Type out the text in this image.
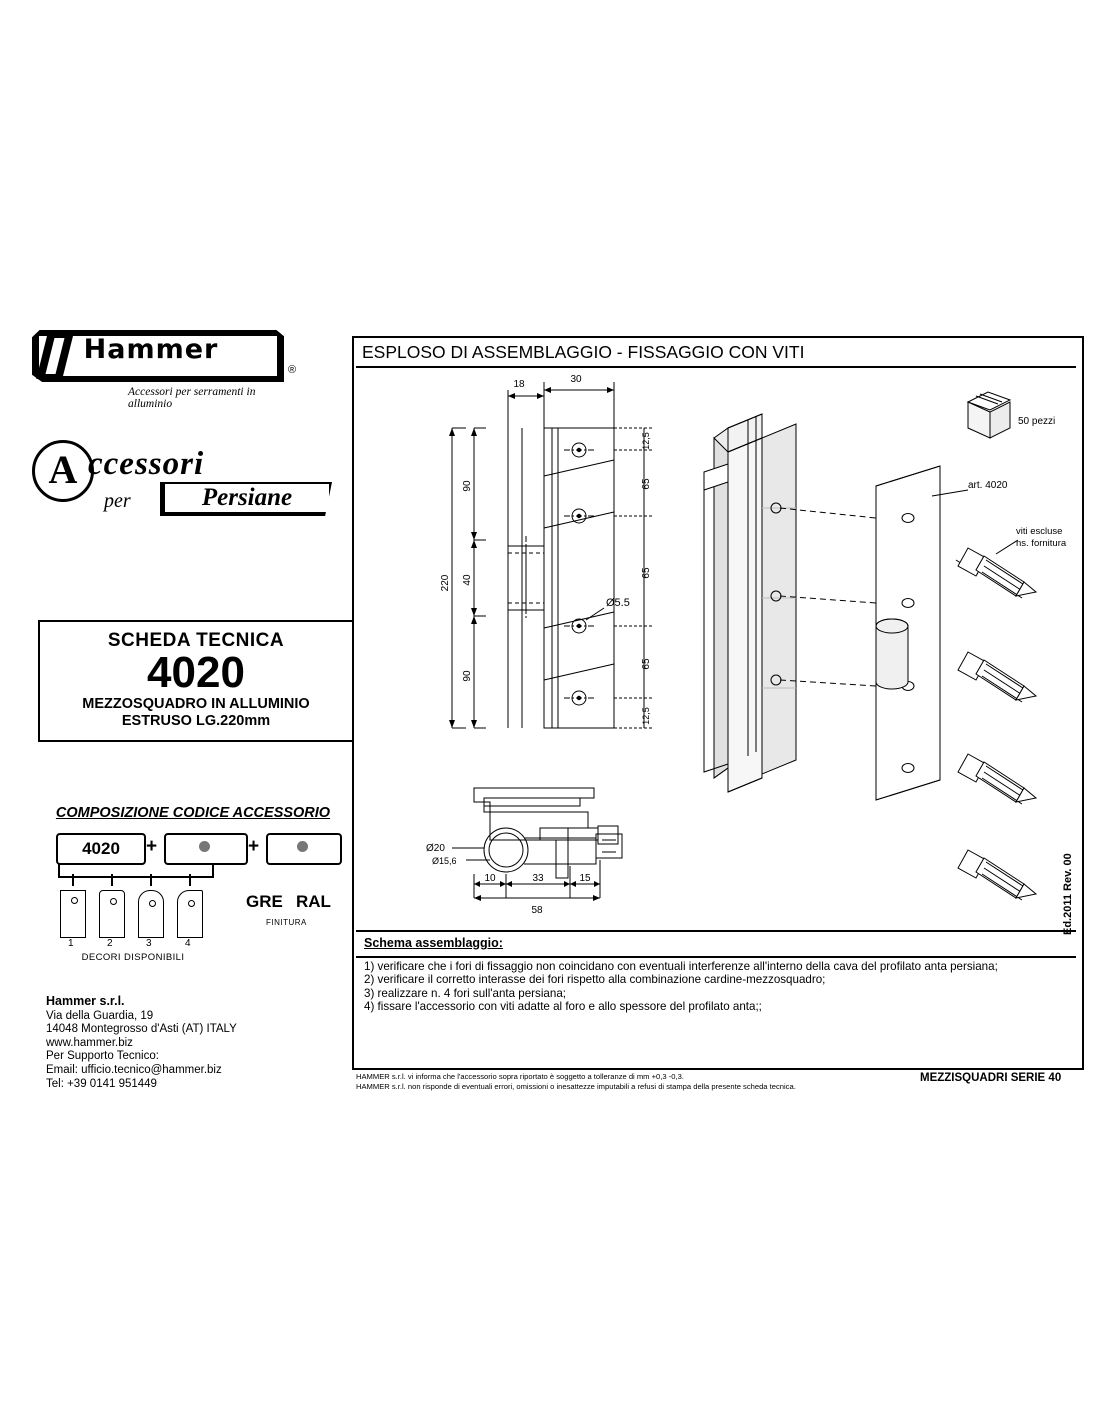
Hammer
®
Accessori per serramenti in alluminio
A ccessori
per	Persiane
SCHEDA TECNICA
4020
MEZZOSQUADRO IN ALLUMINIO
ESTRUSO LG.220mm
COMPOSIZIONE CODICE ACCESSORIO
4020	+	+
1	2	3	4
DECORI DISPONIBILI
GRE RAL
FINITURA
Hammer s.r.l.
Via della Guardia, 19
14048 Montegrosso d'Asti (AT) ITALY
www.hammer.biz
Per Supporto Tecnico:
Email: ufficio.tecnico@hammer.biz
Tel: +39 0141 951449
ESPLOSO DI ASSEMBLAGGIO - FISSAGGIO CON VITI
18	30
220
90
40
90
12,5
65
65
65
12,5
Ø5.5
Ø20
Ø15,6
10	33	15
58
50 pezzi
art. 4020
viti escluse
ns. fornitura
Schema assemblaggio:
1) verificare che i fori di fissaggio non coincidano con eventuali interferenze all'interno della cava del profilato anta persiana;
2) verificare il corretto interasse dei fori rispetto alla combinazione cardine-mezzosquadro;
3) realizzare n. 4 fori sull'anta persiana;
4) fissare l'accessorio con viti adatte al foro e allo spessore del profilato anta;;
HAMMER s.r.l. vi informa che l'accessorio sopra riportato è soggetto a tolleranze di mm +0,3 -0,3.
HAMMER s.r.l. non risponde di eventuali errori, omissioni o inesattezze imputabili a refusi di stampa della presente scheda tecnica.
MEZZISQUADRI SERIE 40
Ed.2011 Rev. 00
